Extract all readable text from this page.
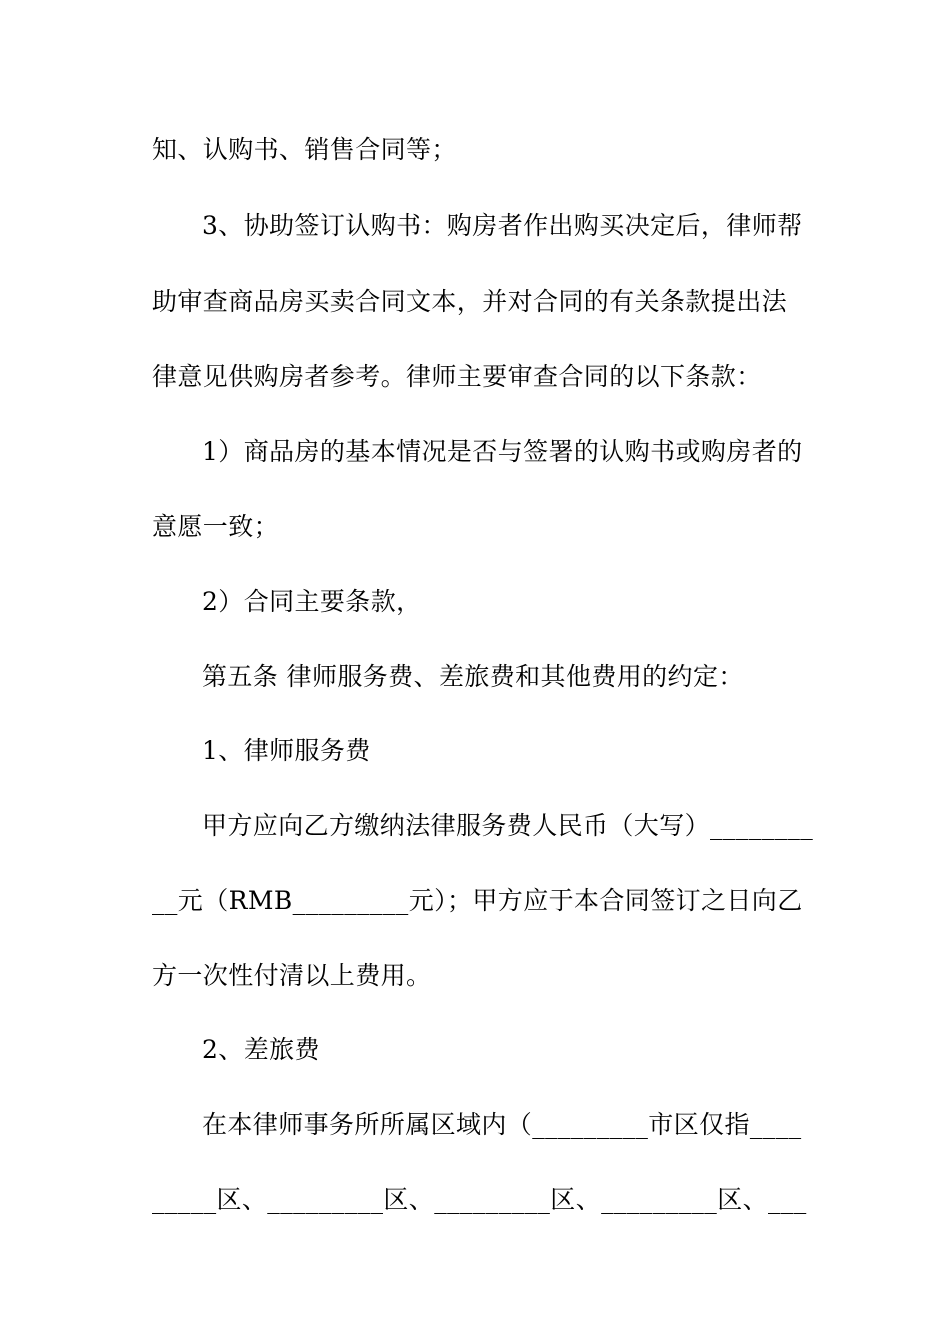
知、认购书、销售合同等；
3、协助签订认购书：购房者作出购买决定后，律师帮
助审查商品房买卖合同文本，并对合同的有关条款提出法
律意见供购房者参考。律师主要审查合同的以下条款：
1）商品房的基本情况是否与签署的认购书或购房者的
意愿一致；
2）合同主要条款，
第五条 律师服务费、差旅费和其他费用的约定：
1、律师服务费
甲方应向乙方缴纳法律服务费人民币（大写）________
__元（RMB_________元）；甲方应于本合同签订之日向乙
方一次性付清以上费用。
2、差旅费
在本律师事务所所属区域内（_________市区仅指____
_____区、_________区、_________区、_________区、___
